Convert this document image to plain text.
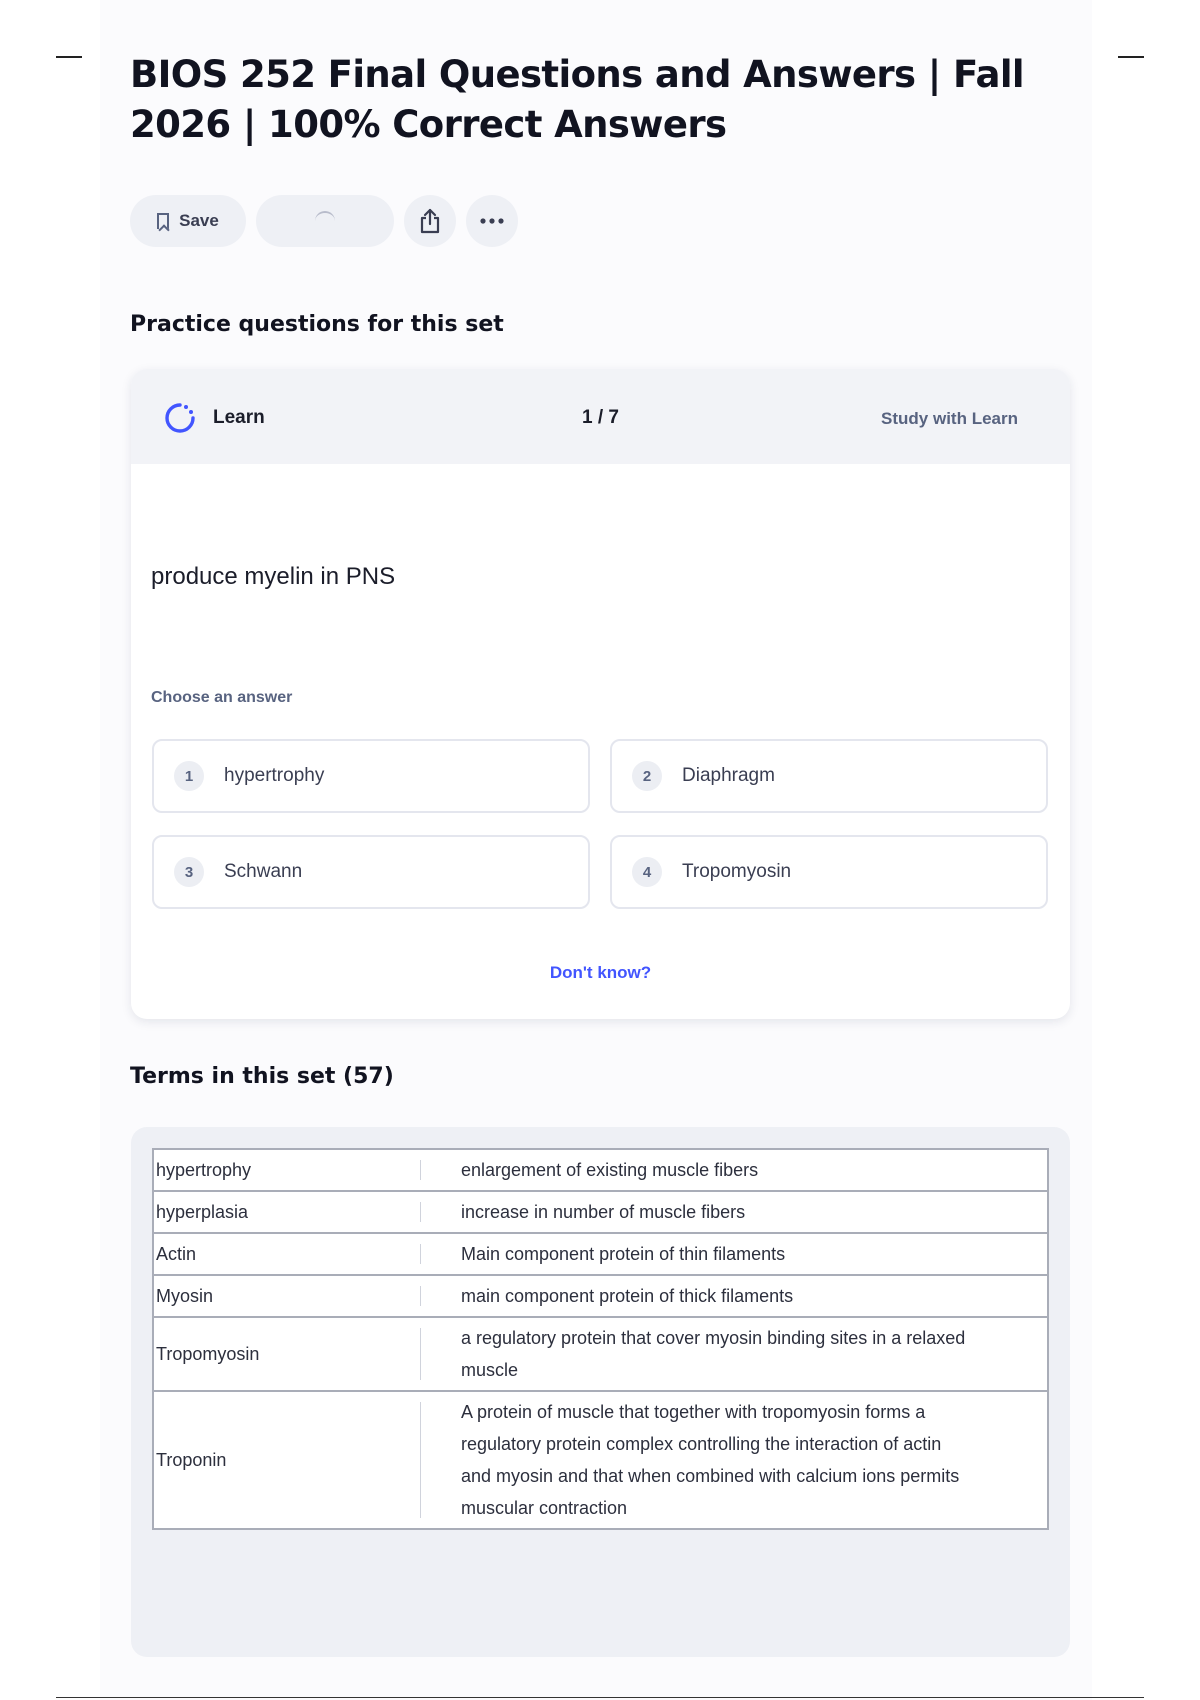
BIOS 252 Final Questions and Answers | Fall 2026 | 100% Correct Answers
Save
Practice questions for this set
Learn	1 / 7	Study with Learn
produce myelin in PNS
Choose an answer
1	hypertrophy	2	Diaphragm
3	Schwann	4	Tropomyosin
Don't know?
Terms in this set (57)
hypertrophy	enlargement of existing muscle fibers
hyperplasia	increase in number of muscle fibers
Actin	Main component protein of thin filaments
Myosin	main component protein of thick filaments
Tropomyosin	a regulatory protein that cover myosin binding sites in a relaxed muscle
Troponin	A protein of muscle that together with tropomyosin forms a regulatory protein complex controlling the interaction of actin and myosin and that when combined with calcium ions permits muscular contraction
